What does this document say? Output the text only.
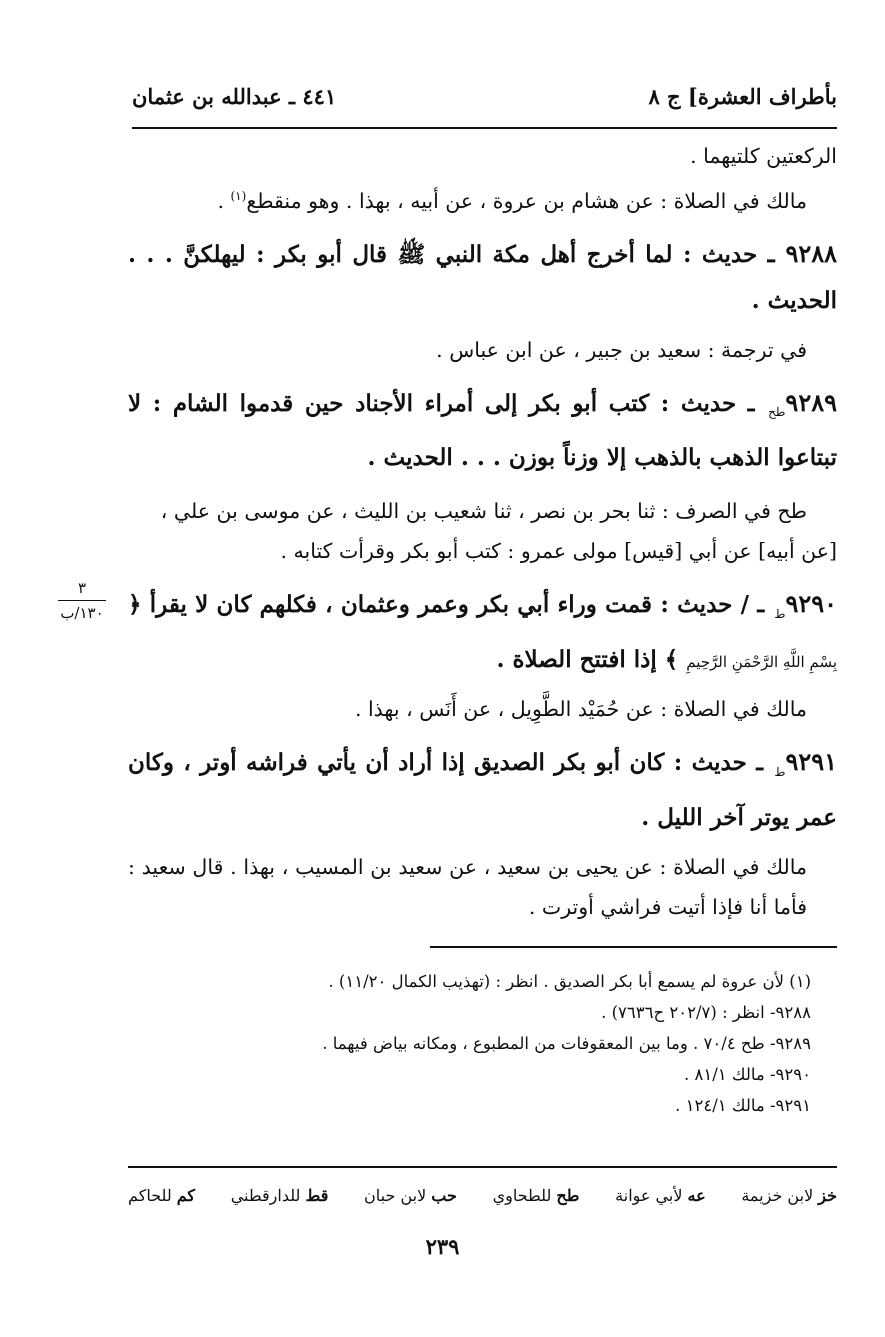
بأطراف العشرة] ج ٨
٤٤١ ـ عبدالله بن عثمان

الركعتين كلتيهما .

مالك في الصلاة : عن هشام بن عروة ، عن أبيه ، بهذا . وهو منقطع$^{(١)}$ .

٩٢٨٨ ـ حديث : لما أخرج أهل مكة النبي ﷺ قال أبو بكر : ليهلكنَّ . . . الحديث .

في ترجمة : سعيد بن جبير ، عن ابن عباس .

$٩٢٨٩_{طح}$ ـ حديث : كتب أبو بكر إلى أمراء الأجناد حين قدموا الشام : لا تبتاعوا الذهب بالذهب إلا وزناً بوزن . . . الحديث .

طح في الصرف : ثنا بحر بن نصر ، ثنا شعيب بن الليث ، عن موسى بن علي ،

[عن أبيه] عن أبي [قيس] مولى عمرو : كتب أبو بكر وقرأت كتابه .

$٩٢٩٠_ط$ ـ / حديث : قمت وراء أبي بكر وعمر وعثمان ، فكلهم كان لا يقرأ ﴿ بِسْمِ اللَّهِ الرَّحْمَنِ الرَّحِيمِ ﴾ إذا افتتح الصلاة .

مالك في الصلاة : عن حُمَيْد الطَّوِيل ، عن أَنَس ، بهذا .

$٩٢٩١_ط$ ـ حديث : كان أبو بكر الصديق إذا أراد أن يأتي فراشه أوتر ، وكان عمر يوتر آخر الليل .

مالك في الصلاة : عن يحيى بن سعيد ، عن سعيد بن المسيب ، بهذا . قال سعيد : فأما أنا فإذا أتيت فراشي أوترت .

٣
١٣٠/ب

(١) لأن عروة لم يسمع أبا بكر الصديق . انظر : (تهذيب الكمال ١١/٢٠) .

٩٢٨٨- انظر : (٢٠٢/٧ ح٧٦٣٦) .

٩٢٨٩- طح ٧٠/٤ . وما بين المعقوفات من المطبوع ، ومكانه بياض فيهما .

٩٢٩٠- مالك ٨١/١ .

٩٢٩١- مالك ١٢٤/١ .

خز لابن خزيمة
عه لأبي عوانة
طح للطحاوي
حب لابن حبان
قط للدارقطني
كم للحاكم
٢٣٩
